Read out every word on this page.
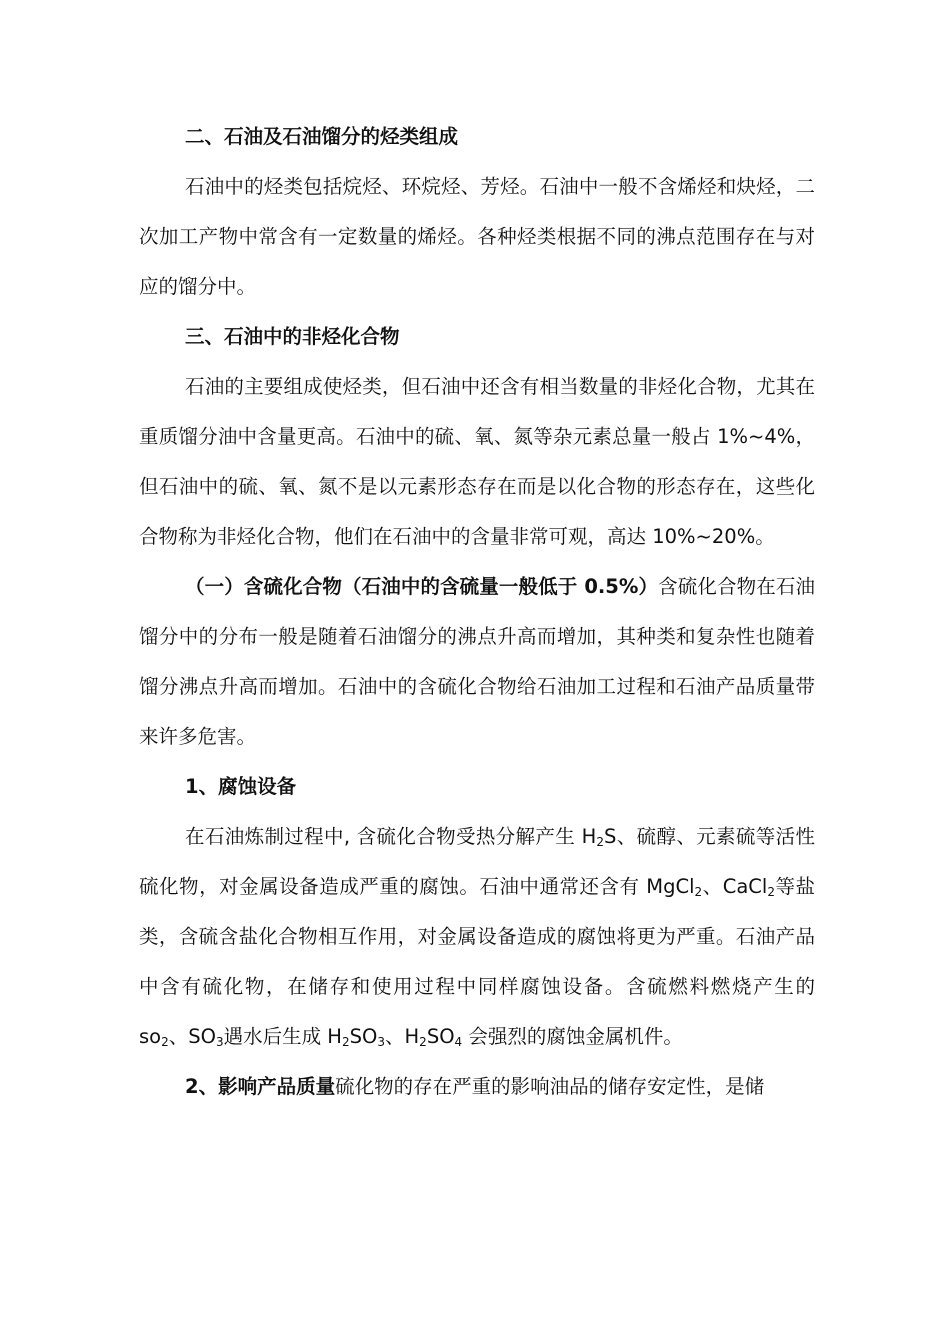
二、石油及石油馏分的烃类组成

石油中的烃类包括烷烃、环烷烃、芳烃。石油中一般不含烯烃和炔烃，二次加工产物中常含有一定数量的烯烃。各种烃类根据不同的沸点范围存在与对应的馏分中。

三、石油中的非烃化合物

石油的主要组成使烃类，但石油中还含有相当数量的非烃化合物，尤其在重质馏分油中含量更高。石油中的硫、氧、氮等杂元素总量一般占 1%~4%，但石油中的硫、氧、氮不是以元素形态存在而是以化合物的形态存在，这些化合物称为非烃化合物，他们在石油中的含量非常可观，高达 10%~20%。

（一）含硫化合物（石油中的含硫量一般低于 0.5%）含硫化合物在石油馏分中的分布一般是随着石油馏分的沸点升高而增加，其种类和复杂性也随着馏分沸点升高而增加。石油中的含硫化合物给石油加工过程和石油产品质量带来许多危害。

1、腐蚀设备

在石油炼制过程中, 含硫化合物受热分解产生 $H_2S$、硫醇、元素硫等活性硫化物，对金属设备造成严重的腐蚀。石油中通常还含有 MgCl$_2$、CaCl$_2$等盐类，含硫含盐化合物相互作用，对金属设备造成的腐蚀将更为严重。石油产品中含有硫化物，在储存和使用过程中同样腐蚀设备。含硫燃料燃烧产生的 $so_2$、$SO_3$遇水后生成 $H_2SO_3$、$H_2SO_4$ 会强烈的腐蚀金属机件。

2、影响产品质量硫化物的存在严重的影响油品的储存安定性，是储
